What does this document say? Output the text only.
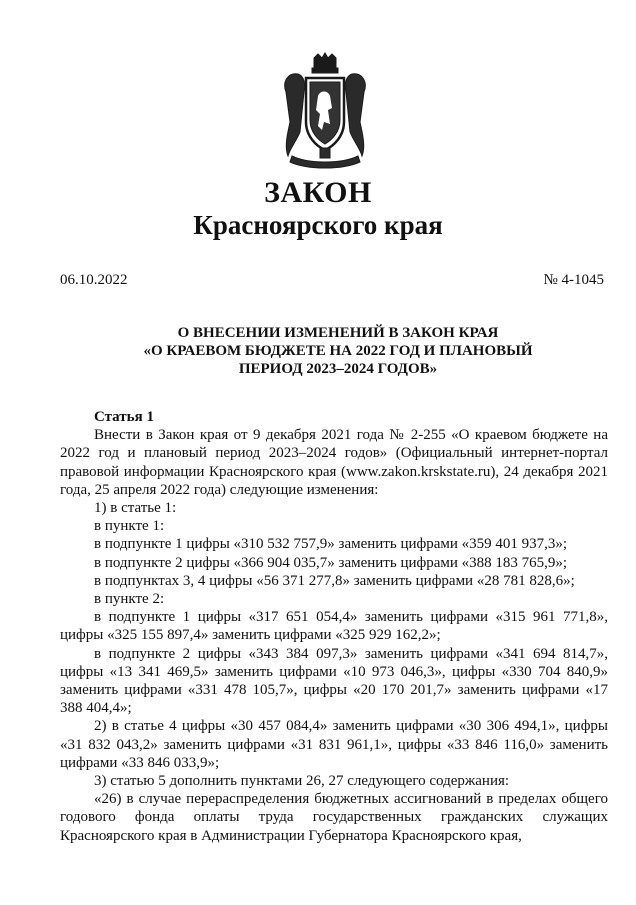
ЗАКОН
Красноярского края
06.10.2022	№ 4-1045
О ВНЕСЕНИИ ИЗМЕНЕНИЙ В ЗАКОН КРАЯ
«О КРАЕВОМ БЮДЖЕТЕ НА 2022 ГОД И ПЛАНОВЫЙ
ПЕРИОД 2023–2024 ГОДОВ»

Статья 1

Внести в Закон края от 9 декабря 2021 года № 2-255 «О краевом бюджете на 2022 год и плановый период 2023–2024 годов» (Официальный интернет-портал правовой информации Красноярского края (www.zakon.krskstate.ru), 24 декабря 2021 года, 25 апреля 2022 года) следующие изменения:

1) в статье 1:

в пункте 1:

в подпункте 1 цифры «310 532 757,9» заменить цифрами «359 401 937,3»;

в подпункте 2 цифры «366 904 035,7» заменить цифрами «388 183 765,9»;

в подпунктах 3, 4 цифры «56 371 277,8» заменить цифрами «28 781 828,6»;

в пункте 2:

в подпункте 1 цифры «317 651 054,4» заменить цифрами «315 961 771,8», цифры «325 155 897,4» заменить цифрами «325 929 162,2»;

в подпункте 2 цифры «343 384 097,3» заменить цифрами «341 694 814,7», цифры «13 341 469,5» заменить цифрами «10 973 046,3», цифры «330 704 840,9» заменить цифрами «331 478 105,7», цифры «20 170 201,7» заменить цифрами «17 388 404,4»;

2) в статье 4 цифры «30 457 084,4» заменить цифрами «30 306 494,1», цифры «31 832 043,2» заменить цифрами «31 831 961,1», цифры «33 846 116,0» заменить цифрами «33 846 033,9»;

3) статью 5 дополнить пунктами 26, 27 следующего содержания:

«26) в случае перераспределения бюджетных ассигнований в пределах общего годового фонда оплаты труда государственных гражданских служащих Красноярского края в Администрации Губернатора Красноярского края,
